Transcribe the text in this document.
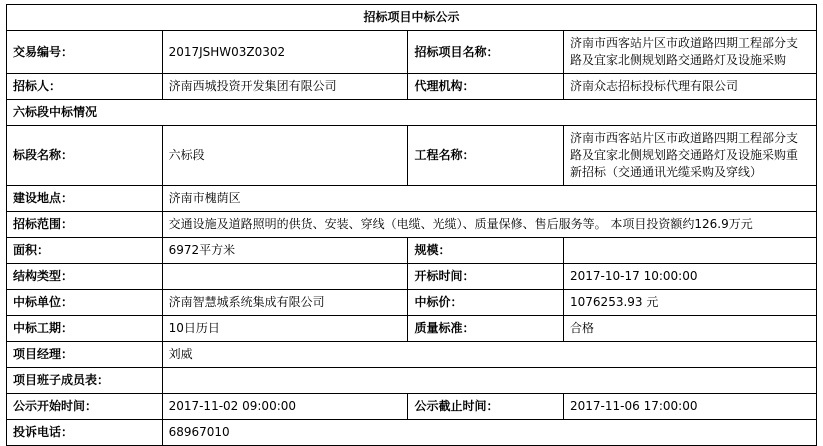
招标项目中标公示			
交易编号：	2017JSHW03Z0302	招标项目名称：	济南市西客站片区市政道路四期工程部分支路及宜家北侧规划路交通路灯及设施采购
招标人：	济南西城投资开发集团有限公司	代理机构：	济南众志招标投标代理有限公司
六标段中标情况			
标段名称：	六标段	工程名称：	济南市西客站片区市政道路四期工程部分支路及宜家北侧规划路交通路灯及设施采购重新招标（交通通讯光缆采购及穿线）
建设地点：	济南市槐荫区		
招标范围：	交通设施及道路照明的供货、安装、穿线（电缆、光缆）、质量保修、售后服务等。 本项目投资额约126.9万元		
面积：	6972平方米	规模：	
结构类型：		开标时间：	2017-10-17 10:00:00
中标单位：	济南智慧城系统集成有限公司	中标价：	1076253.93 元
中标工期：	10日历日	质量标准：	合格
项目经理：	刘威		
项目班子成员表：			
公示开始时间：	2017-11-02 09:00:00	公示截止时间：	2017-11-06 17:00:00
投诉电话：	68967010		
